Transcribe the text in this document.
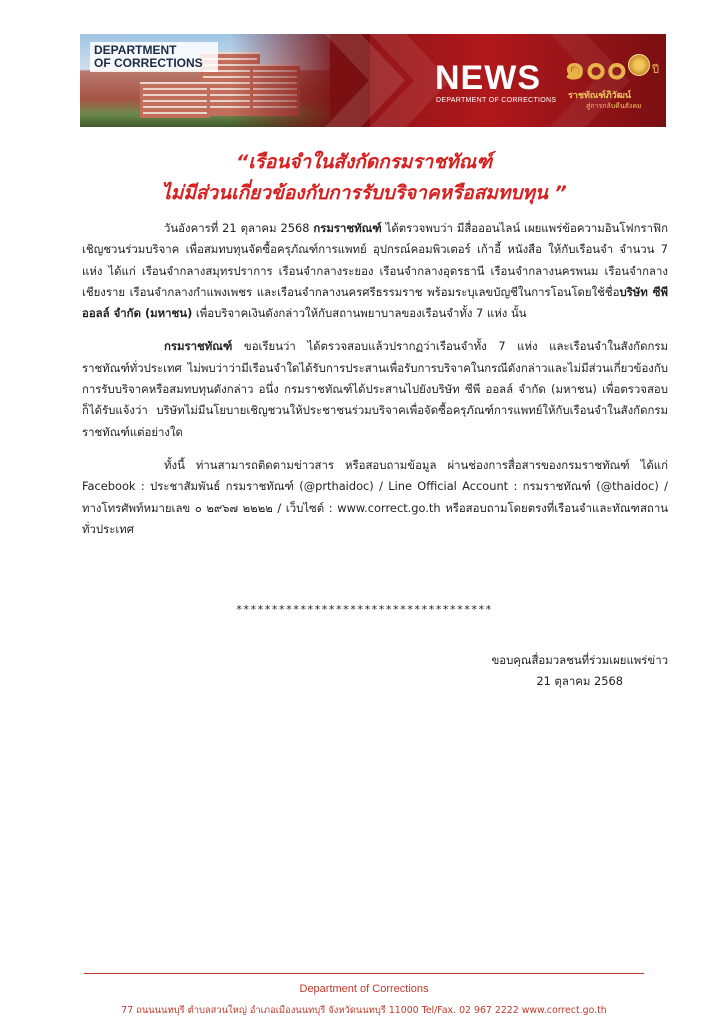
DEPARTMENT

OF CORRECTIONS	NEWS
DEPARTMENT OF CORRECTIONS
๑๐๐ ปี
ราชทัณฑ์ภิวัฒน์
สู่การกลับคืนสังคม
“เรือนจำในสังกัดกรมราชทัณฑ์
ไม่มีส่วนเกี่ยวข้องกับการรับบริจาคหรือสมทบทุน ”

วันอังคารที่ 21 ตุลาคม 2568 กรมราชทัณฑ์ ได้ตรวจพบว่า มีสื่อออนไลน์ เผยแพร่ข้อความอินโฟกราฟิก เชิญชวนร่วมบริจาค เพื่อสมทบทุนจัดซื้อครุภัณฑ์การแพทย์ อุปกรณ์คอมพิวเตอร์ เก้าอี้ หนังสือ ให้กับเรือนจำ จำนวน 7 แห่ง ได้แก่ เรือนจำกลางสมุทรปราการ เรือนจำกลางระยอง เรือนจำกลางอุดรธานี เรือนจำกลางนครพนม เรือนจำกลางเชียงราย เรือนจำกลางกำแพงเพชร และเรือนจำกลางนครศรีธรรมราช พร้อมระบุเลขบัญชีในการโอนโดยใช้ชื่อบริษัท ซีพี ออลล์ จำกัด (มหาชน) เพื่อบริจาคเงินดังกล่าวให้กับสถานพยาบาลของเรือนจำทั้ง 7 แห่ง นั้น

กรมราชทัณฑ์ ขอเรียนว่า ได้ตรวจสอบแล้วปรากฏว่าเรือนจำทั้ง 7 แห่ง และเรือนจำในสังกัดกรมราชทัณฑ์ทั่วประเทศ ไม่พบว่าว่ามีเรือนจำใดได้รับการประสานเพื่อรับการบริจาคในกรณีดังกล่าวและไม่มีส่วนเกี่ยวข้องกับการรับบริจาคหรือสมทบทุนดังกล่าว อนึ่ง กรมราชทัณฑ์ได้ประสานไปยังบริษัท ซีพี ออลล์ จำกัด (มหาชน) เพื่อตรวจสอบก็ได้รับแจ้งว่า บริษัทไม่มีนโยบายเชิญชวนให้ประชาชนร่วมบริจาคเพื่อจัดซื้อครุภัณฑ์การแพทย์ให้กับเรือนจำในสังกัดกรมราชทัณฑ์แต่อย่างใด

ทั้งนี้ ท่านสามารถติดตามข่าวสาร หรือสอบถามข้อมูล ผ่านช่องการสื่อสารของกรมราชทัณฑ์ ได้แก่ Facebook : ประชาสัมพันธ์ กรมราชทัณฑ์ (@prthaidoc) / Line Official Account : กรมราชทัณฑ์ (@thaidoc) / ทางโทรศัพท์หมายเลข ๐ ๒๙๖๗ ๒๒๒๒ / เว็บไซต์ : www.correct.go.th หรือสอบถามโดยตรงที่เรือนจำและทัณฑสถานทั่วประเทศ

************************************
ขอบคุณสื่อมวลชนที่ร่วมเผยแพร่ข่าว
21 ตุลาคม 2568
Department of Corrections
77 ถนนนนทบุรี ตำบลสวนใหญ่ อำเภอเมืองนนทบุรี จังหวัดนนทบุรี 11000 Tel/Fax. 02 967 2222 www.correct.go.th
